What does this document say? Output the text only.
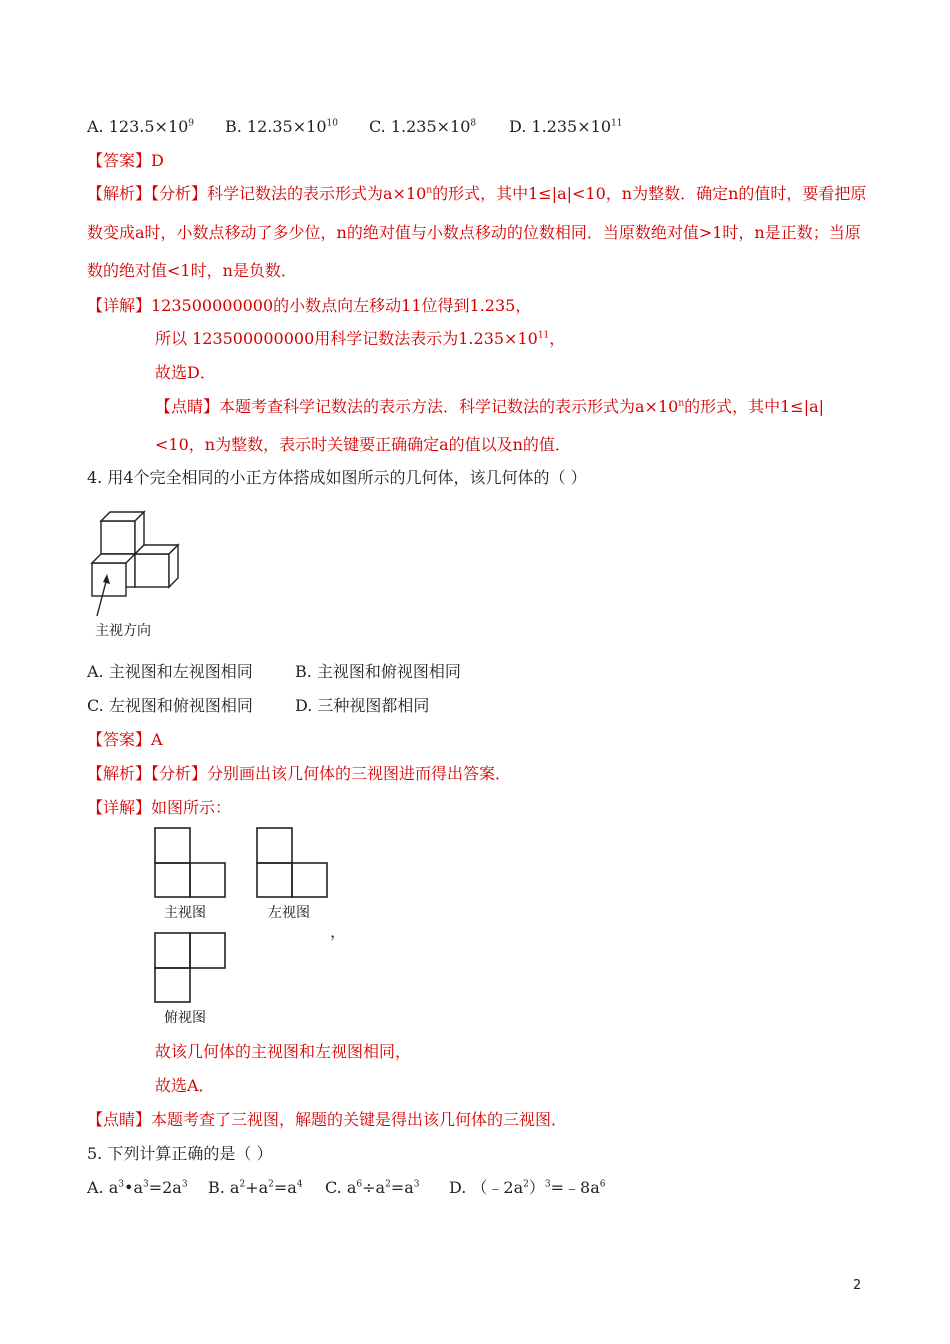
A. $123.5\times 10^9$ B. $12.35\times 10^{10}$ C. $1.235\times 10^8$ D. $1.235\times 10^{11}$
【答案】D
【解析】【分析】科学记数法的表示形式为$a\times 10^n$的形式，其中1≤|a|<10，n为整数．确定n的值时，要看把原
数变成a时，小数点移动了多少位，n的绝对值与小数点移动的位数相同．当原数绝对值>1时，n是正数；当原
数的绝对值<1时，n是负数．
【详解】123500000000的小数点向左移动11位得到1.235，
所以 123500000000用科学记数法表示为$1.235\times 10^{11}$，
故选D．
【点睛】本题考查科学记数法的表示方法．科学记数法的表示形式为$a\times 10^n$的形式，其中1≤|a|
<10，n为整数，表示时关键要正确确定a的值以及n的值．
4. 用4个完全相同的小正方体搭成如图所示的几何体，该几何体的（ ）
主视方向
A. 主视图和左视图相同	B. 主视图和俯视图相同
C. 左视图和俯视图相同	D. 三种视图都相同
【答案】A
【解析】【分析】分别画出该几何体的三视图进而得出答案．
【详解】如图所示：
主视图	左视图
，
俯视图
故该几何体的主视图和左视图相同，
故选A．
【点睛】本题考查了三视图，解题的关键是得出该几何体的三视图．
5. 下列计算正确的是（ ）
A. $a^3•a^3=2a^3$ B. $a^2+a^2=a^4$ C. $a^6\div a^2=a^3$ D. $(﹣2a^2)^3=﹣8a^6$
2
